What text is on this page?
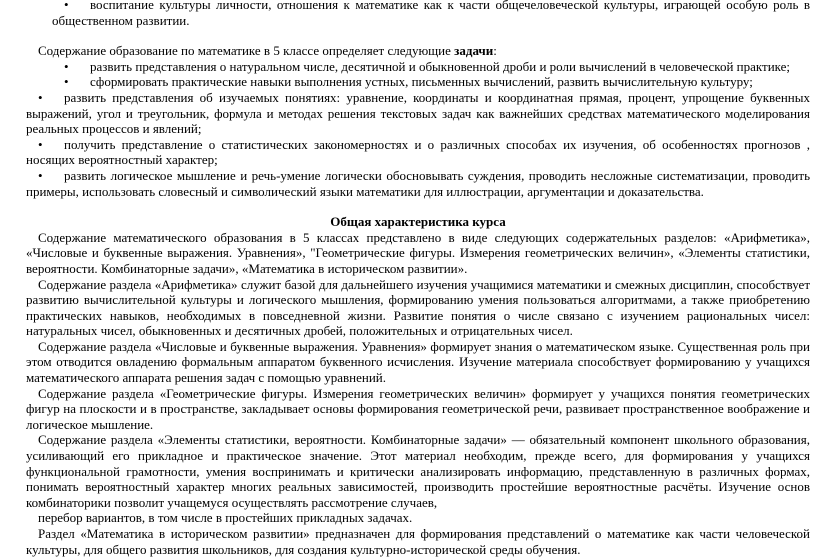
• воспитание культуры личности, отношения к математике как к части общечеловеческой культуры, играющей особую роль в общественном развитии.

Содержание образование по математике в 5 классе определяет следующие задачи:

• развить представления о натуральном числе, десятичной и обыкновенной дроби и роли вычислений в человеческой практике;

• сформировать практические навыки выполнения устных, письменных вычислений, развить вычислительную культуру;

• развить представления об изучаемых понятиях: уравнение, координаты и координатная прямая, процент, упрощение буквенных выражений, угол и треугольник, формула и методах решения текстовых задач как важнейших средствах математического моделирования реальных процессов и явлений;

• получить представление о статистических закономерностях и о различных способах их изучения, об особенностях прогнозов , носящих вероятностный характер;

• развить логическое мышление и речь-умение логически обосновывать суждения, проводить несложные систематизации, проводить примеры, использовать словесный и символический языки математики для иллюстрации, аргументации и доказательства.

Общая характеристика курса

Содержание математического образования в 5 классах представлено в виде следующих содержательных разделов: «Арифметика», «Числовые и буквенные выражения. Уравнения», "Геометрические фигуры. Измерения геометрических величин», «Элементы статистики, вероятности. Комбинаторные задачи», «Математика в историческом развитии».

Содержание раздела «Арифметика» служит базой для дальнейшего изучения учащимися математики и смежных дисциплин, способствует развитию вычислительной культуры и логического мышления, формированию умения пользоваться алгоритмами, а также приобретению практических навыков, необходимых в повседневной жизни. Развитие понятия о числе связано с изучением рациональных чисел: натуральных чисел, обыкновенных и десятичных дробей, положительных и отрицательных чисел.

Содержание раздела «Числовые и буквенные выражения. Уравнения» формирует знания о математическом языке. Существенная роль при этом отводится овладению формальным аппаратом буквенного исчисления. Изучение материала способствует формированию у учащихся математического аппарата решения задач с помощью уравнений.

Содержание раздела «Геометрические фигуры. Измерения геометрических величин» формирует у учащихся понятия геометрических фигур на плоскости и в пространстве, закладывает основы формирования геометрической речи, развивает пространственное воображение и логическое мышление.

Содержание раздела «Элементы статистики, вероятности. Комбинаторные задачи» — обязательный компонент школьного образования, усиливающий его прикладное и практическое значение. Этот материал необходим, прежде всего, для формирования у учащихся функциональной грамотности, умения воспринимать и критически анализировать информацию, представленную в различных формах, понимать вероятностный характер многих реальных зависимостей, производить простейшие вероятностные расчёты. Изучение основ комбинаторики позволит учащемуся осуществлять рассмотрение случаев,

перебор вариантов, в том числе в простейших прикладных задачах.

Раздел «Математика в историческом развитии» предназначен для формирования представлений о математике как части человеческой культуры, для общего развития школьников, для создания культурно-исторической среды обучения.
